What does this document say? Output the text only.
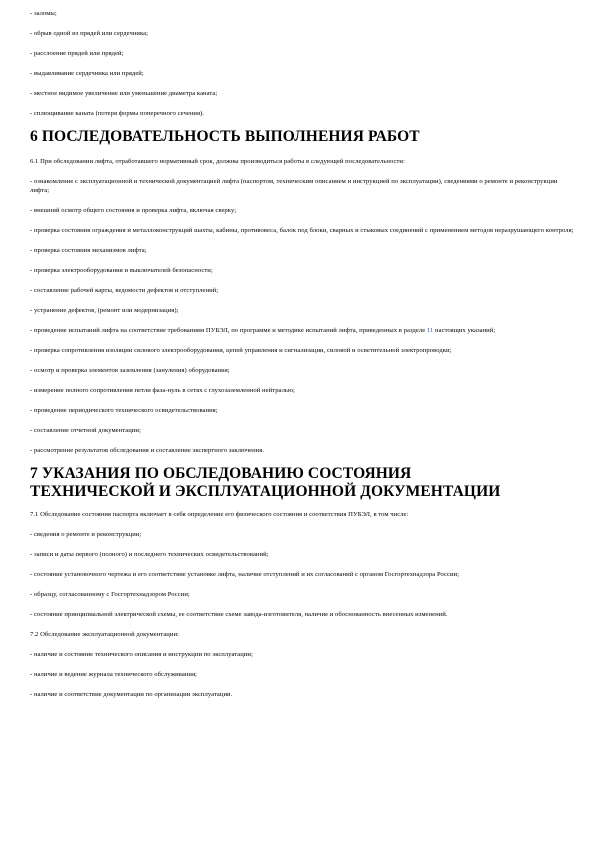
- заломы;

- обрыв одной из прядей или сердечника;

- расслоение прядей или прядей;

- выдавливание сердечника или прядей;

- местное видимое увеличение или уменьшение диаметра каната;

- сплющивание каната (потеря формы поперечного сечения).

6 ПОСЛЕДОВАТЕЛЬНОСТЬ ВЫПОЛНЕНИЯ РАБОТ

6.1 При обследовании лифта, отработавшего нормативный срок, должны производиться работы в следующей последовательности:

- ознакомление с эксплуатационной и технической документацией лифта (паспортом, техническим описанием и инструкцией по эксплуатации), сведениями о ремонте и реконструкции лифта;

- внешний осмотр общего состояния и проверка лифта, включая сверку;

- проверка состояния ограждения и металлоконструкций шахты, кабины, противовеса, балок под блоки, сварных и стыковых соединений с применением методов неразрушающего контроля;

- проверка состояния механизмов лифта;

- проверка электрооборудования и выключателей безопасности;

- составление рабочей карты, ведомости дефектов и отступлений;

- устранение дефектов, (ремонт или модернизация);

- проведение испытаний лифта на соответствие требованиям ПУБЭЛ, по программе и методике испытаний лифта, приведенных в разделе 11 настоящих указаний;

- проверка сопротивления изоляции силового электрооборудования, цепей управления и сигнализации, силовой и осветительной электропроводки;

- осмотр и проверка элементов заземления (зануления) оборудования;

- измерение полного сопротивления петли фаза-нуль в сетях с глухозаземленной нейтралью;

- проведение периодического технического освидетельствования;

- составление отчетной документации;

- рассмотрение результатов обследования и составление экспертного заключения.

7 УКАЗАНИЯ ПО ОБСЛЕДОВАНИЮ СОСТОЯНИЯ
ТЕХНИЧЕСКОЙ И ЭКСПЛУАТАЦИОННОЙ ДОКУМЕНТАЦИИ

7.1 Обследование состояния паспорта включает в себя определение его физического состояния и соответствия ПУБЭЛ, в том числе:

- сведения о ремонте и реконструкции;

- записи и даты первого (полного) и последнего технических освидетельствований;

- состояние установочного чертежа и его соответствие установке лифта, наличие отступлений и их согласований с органом Госгортехнадзора России;

- образцу, согласованному с Госгортехнадзором России;

- состояние принципиальной электрической схемы, ее соответствие схеме завода-изготовителя, наличие и обоснованность внесенных изменений.

7.2 Обследование эксплуатационной документации:

- наличие и состояние технического описания и инструкции по эксплуатации;

- наличие и ведение журнала технического обслуживания;

- наличие и соответствие документации по организации эксплуатации.
